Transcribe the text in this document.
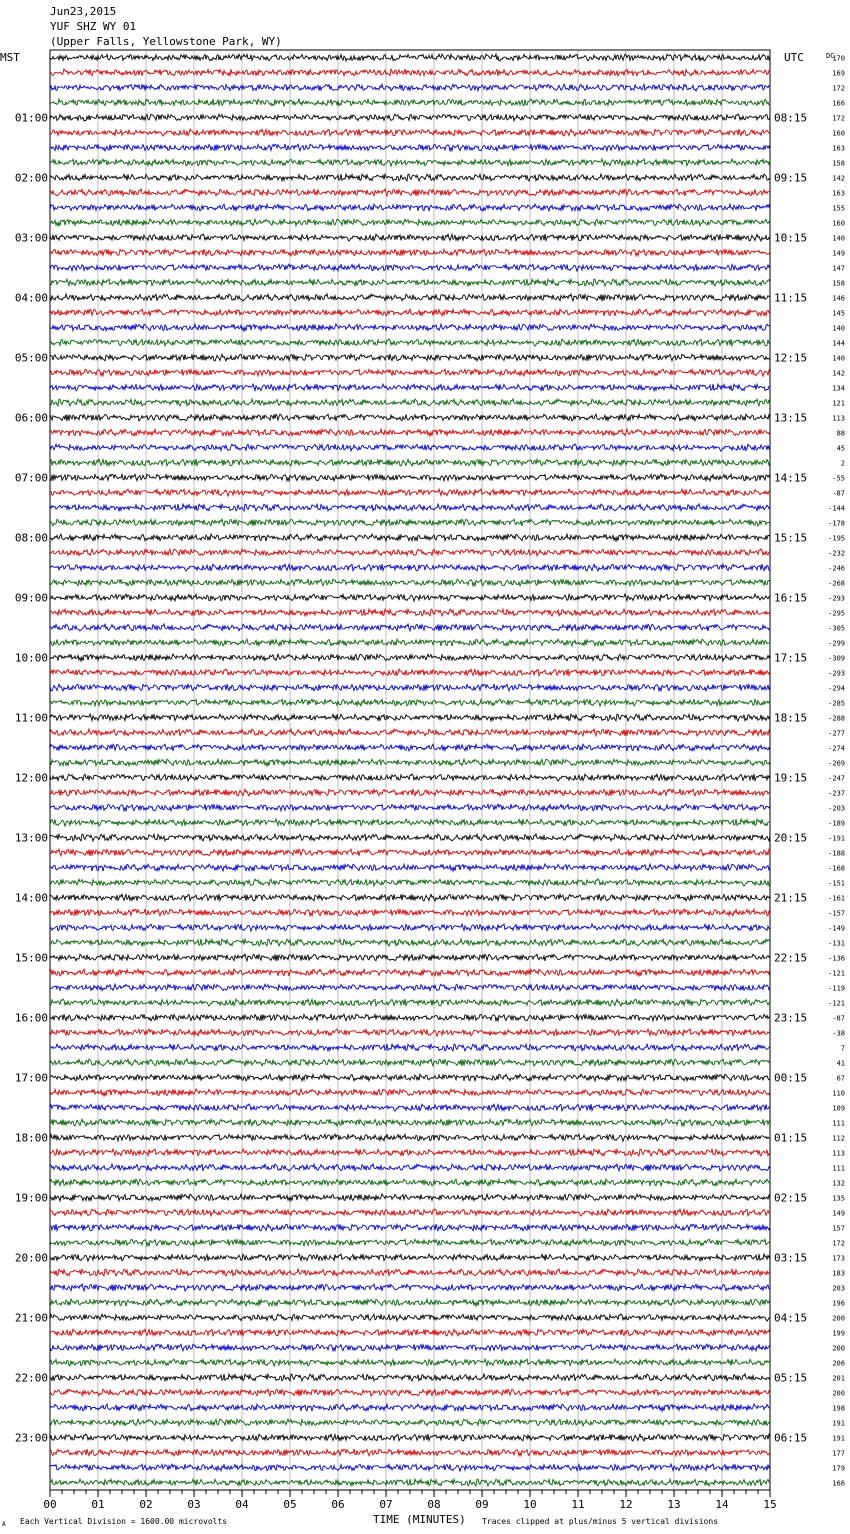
Jun23,2015
YUF SHZ WY 01
(Upper Falls, Yellowstone Park, WY)
00	01	02	03	04	05	06	07	08	09	10	11	12	13	14	15
170
169
172
166
172
160
163
158
142
163
155
160
140
149
147
158
146
145
140
144
140
142
134
121
113
88
45
2
-55
-87
-144
-178
-195
-232
-246
-268
-293
-295
-305
-299
-309
-293
-294
-285
-288
-277
-274
-269
-247
-237
-203
-189
-191
-188
-168
-151
-161
-157
-149
-131
-136
-121
-119
-121
-87
-38
7
41
67
110
109
111
112
113
111
132
135
149
157
172
173
183
203
196
200
199
200
206
201
200
198
191
191
177
179
166
01:00	08:15
02:00	09:15
03:00	10:15
04:00	11:15
05:00	12:15
06:00	13:15
07:00	14:15
08:00	15:15
09:00	16:15
10:00	17:15
11:00	18:15
12:00	19:15
13:00	20:15
14:00	21:15
15:00	22:15
16:00	23:15
17:00	00:15
18:00	01:15
19:00	02:15
20:00	03:15
21:00	04:15
22:00	05:15
23:00	06:15
MST	UTC	DC
Each Vertical Division = 1600.00 microvolts	TIME (MINUTES) Traces clipped at plus/minus 5 vertical divisions
A
